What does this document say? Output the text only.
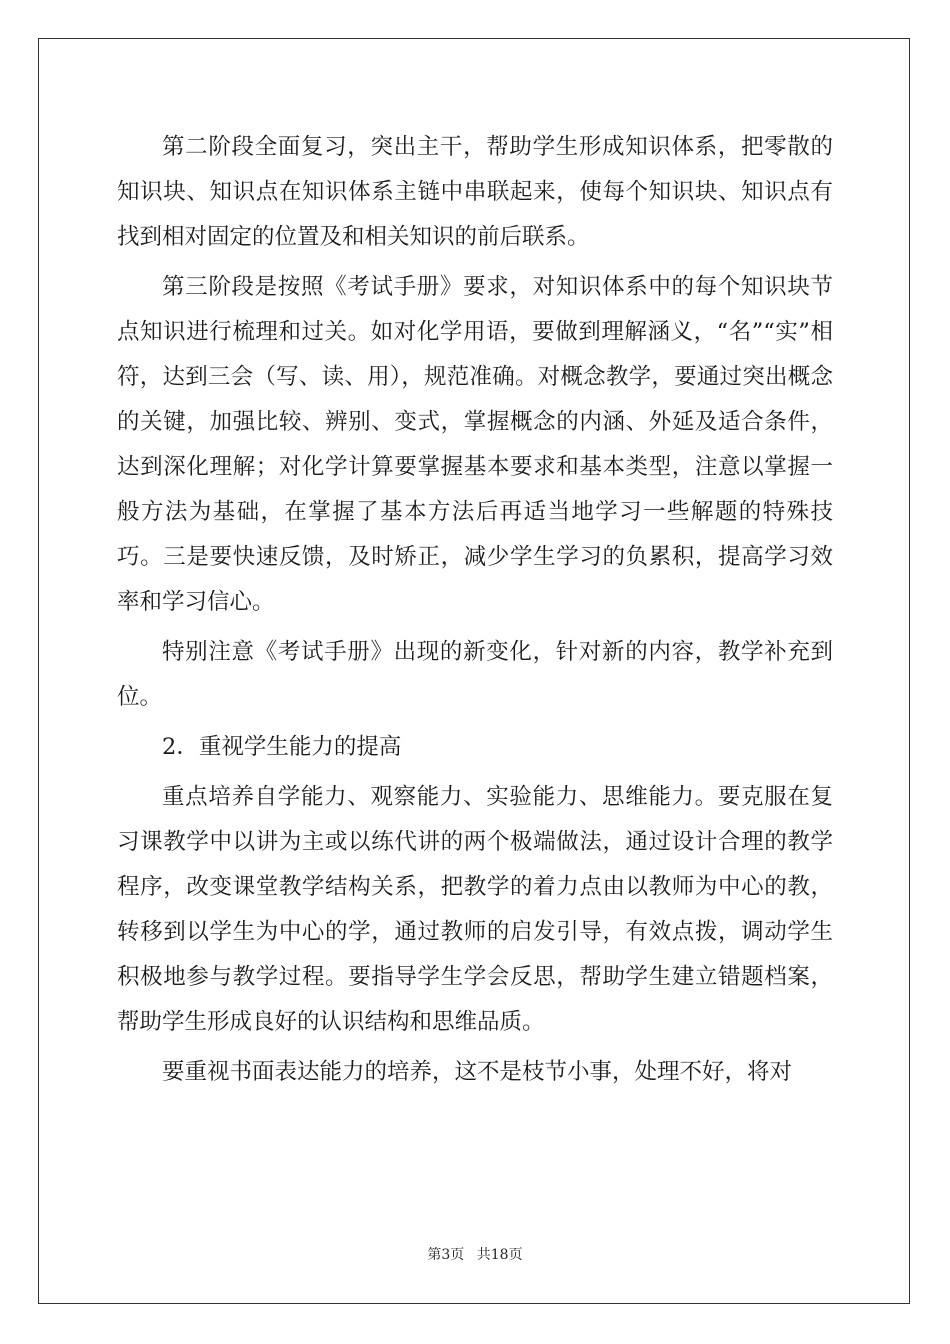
第二阶段全面复习，突出主干，帮助学生形成知识体系，把零散的知识块、知识点在知识体系主链中串联起来，使每个知识块、知识点有找到相对固定的位置及和相关知识的前后联系。

第三阶段是按照《考试手册》要求，对知识体系中的每个知识块节点知识进行梳理和过关。如对化学用语，要做到理解涵义，“名”“实”相符，达到三会（写、读、用），规范准确。对概念教学，要通过突出概念的关键，加强比较、辨别、变式，掌握概念的内涵、外延及适合条件，达到深化理解；对化学计算要掌握基本要求和基本类型，注意以掌握一般方法为基础，在掌握了基本方法后再适当地学习一些解题的特殊技巧。三是要快速反馈，及时矫正，减少学生学习的负累积，提高学习效率和学习信心。

特别注意《考试手册》出现的新变化，针对新的内容，教学补充到位。

2．重视学生能力的提高

重点培养自学能力、观察能力、实验能力、思维能力。要克服在复习课教学中以讲为主或以练代讲的两个极端做法，通过设计合理的教学程序，改变课堂教学结构关系，把教学的着力点由以教师为中心的教，转移到以学生为中心的学，通过教师的启发引导，有效点拨，调动学生积极地参与教学过程。要指导学生学会反思，帮助学生建立错题档案，帮助学生形成良好的认识结构和思维品质。

要重视书面表达能力的培养，这不是枝节小事，处理不好，将对

第3页 共18页
